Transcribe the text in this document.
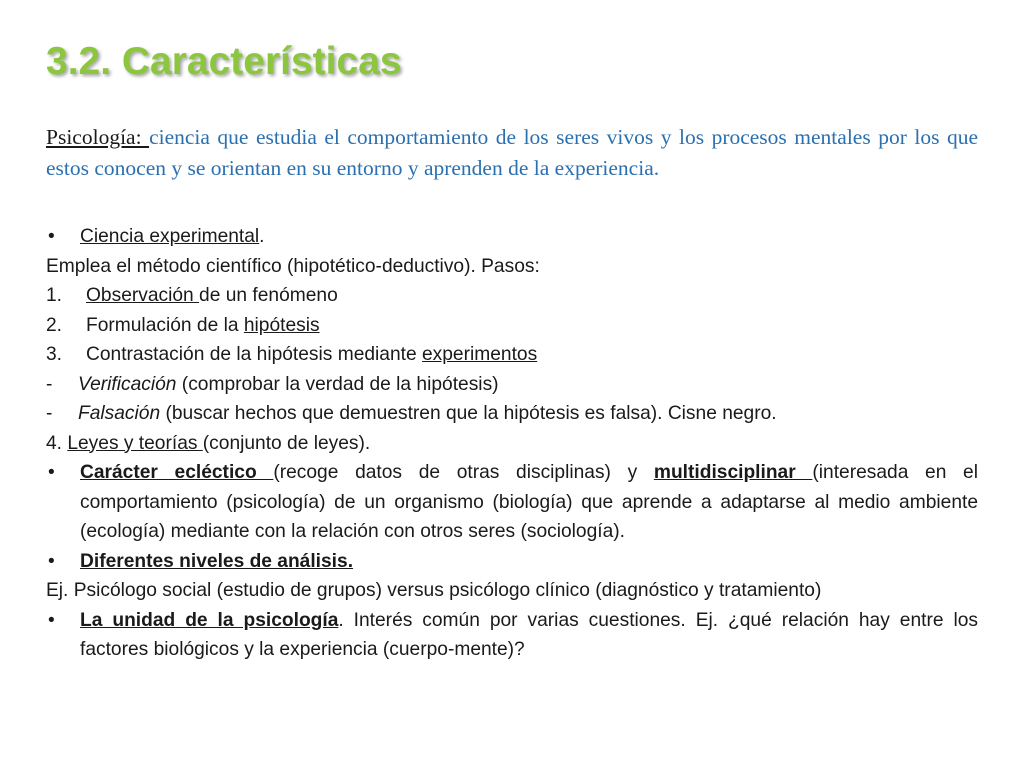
3.2. Características

Psicología: ciencia que estudia el comportamiento de los seres vivos y los procesos mentales por los que estos conocen y se orientan en su entorno y aprenden de la experiencia.

•	Ciencia experimental.
Emplea el método científico (hipotético-deductivo). Pasos:
1.	Observación de un fenómeno
2.	Formulación de la hipótesis
3.	Contrastación de la hipótesis mediante experimentos
-	Verificación (comprobar la verdad de la hipótesis)
-	Falsación (buscar hechos que demuestren que la hipótesis es falsa). Cisne negro.
4. Leyes y teorías (conjunto de leyes).
•	Carácter ecléctico (recoge datos de otras disciplinas) y multidisciplinar (interesada en el comportamiento (psicología) de un organismo (biología) que aprende a adaptarse al medio ambiente (ecología) mediante con la relación con otros seres (sociología).
•	Diferentes niveles de análisis.
Ej. Psicólogo social (estudio de grupos) versus psicólogo clínico (diagnóstico y tratamiento)
•	La unidad de la psicología. Interés común por varias cuestiones. Ej. ¿qué relación hay entre los factores biológicos y la experiencia (cuerpo-mente)?
